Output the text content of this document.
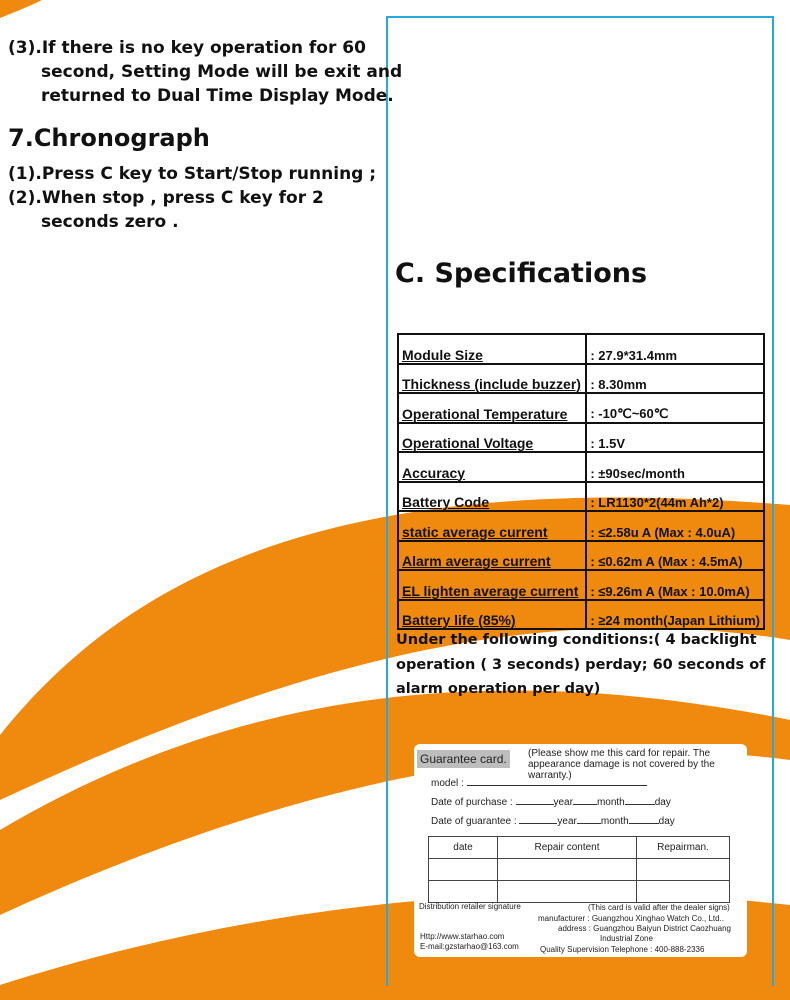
(3).If there is no key operation for 60
second, Setting Mode will be exit and
returned to Dual Time Display Mode.
7.Chronograph
(1).Press C key to Start/Stop running ;
(2).When stop , press C key for 2
seconds zero .
C. Specifications
Module Size	: 27.9*31.4mm
Thickness (include buzzer)	: 8.30mm
Operational Temperature	: -10℃~60℃
Operational Voltage	: 1.5V
Accuracy	: ±90sec/month
Battery Code	: LR1130*2(44m Ah*2)
static average current	: ≤2.58u A (Max : 4.0uA)
Alarm average current	: ≤0.62m A (Max : 4.5mA)
EL lighten average current	: ≤9.26m A (Max : 10.0mA)
Battery life (85%)	: ≥24 month(Japan Lithium)
Under the following conditions:( 4 backlight operation ( 3 seconds) perday; 60 seconds of alarm operation per day)
Guarantee card.	(Please show me this card for repair. The appearance damage is not covered by the warranty.)
model :
Date of purchase :	year month	day
Date of guarantee :	year month	day
date	Repair content	Repairman.

Distribution retailer signature	(This card is valid after the dealer signs)
manufacturer : Guangzhou Xinghao Watch Co., Ltd..
address : Guangzhou Baiyun District Caozhuang
Industrial Zone
Http://www.starhao.com
E-mail:gzstarhao@163.com	Quality Supervision Telephone : 400-888-2336
